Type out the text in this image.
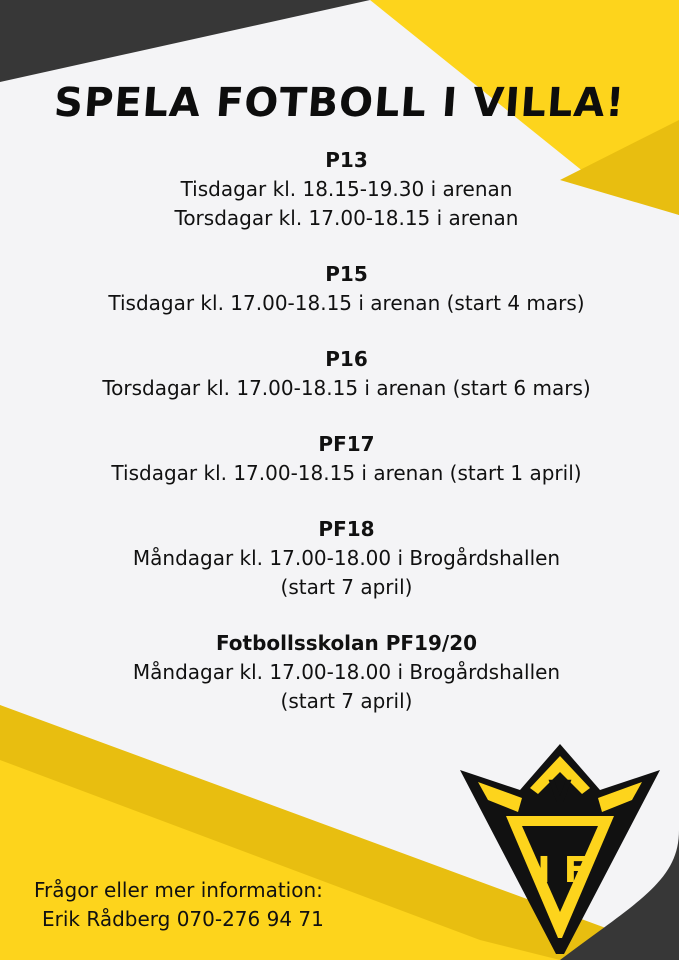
SPELA FOTBOLL I VILLA!
P13
Tisdagar kl. 18.15-19.30 i arenan
Torsdagar kl. 17.00-18.15 i arenan
P15
Tisdagar kl. 17.00-18.15 i arenan (start 4 mars)
P16
Torsdagar kl. 17.00-18.15 i arenan (start 6 mars)
PF17
Tisdagar kl. 17.00-18.15 i arenan (start 1 april)
PF18
Måndagar kl. 17.00-18.00 i Brogårdshallen
(start 7 april)
Fotbollsskolan PF19/20
Måndagar kl. 17.00-18.00 i Brogårdshallen
(start 7 april)
Frågor eller mer information:
Erik Rådberg 070-276 94 71
V
I F
